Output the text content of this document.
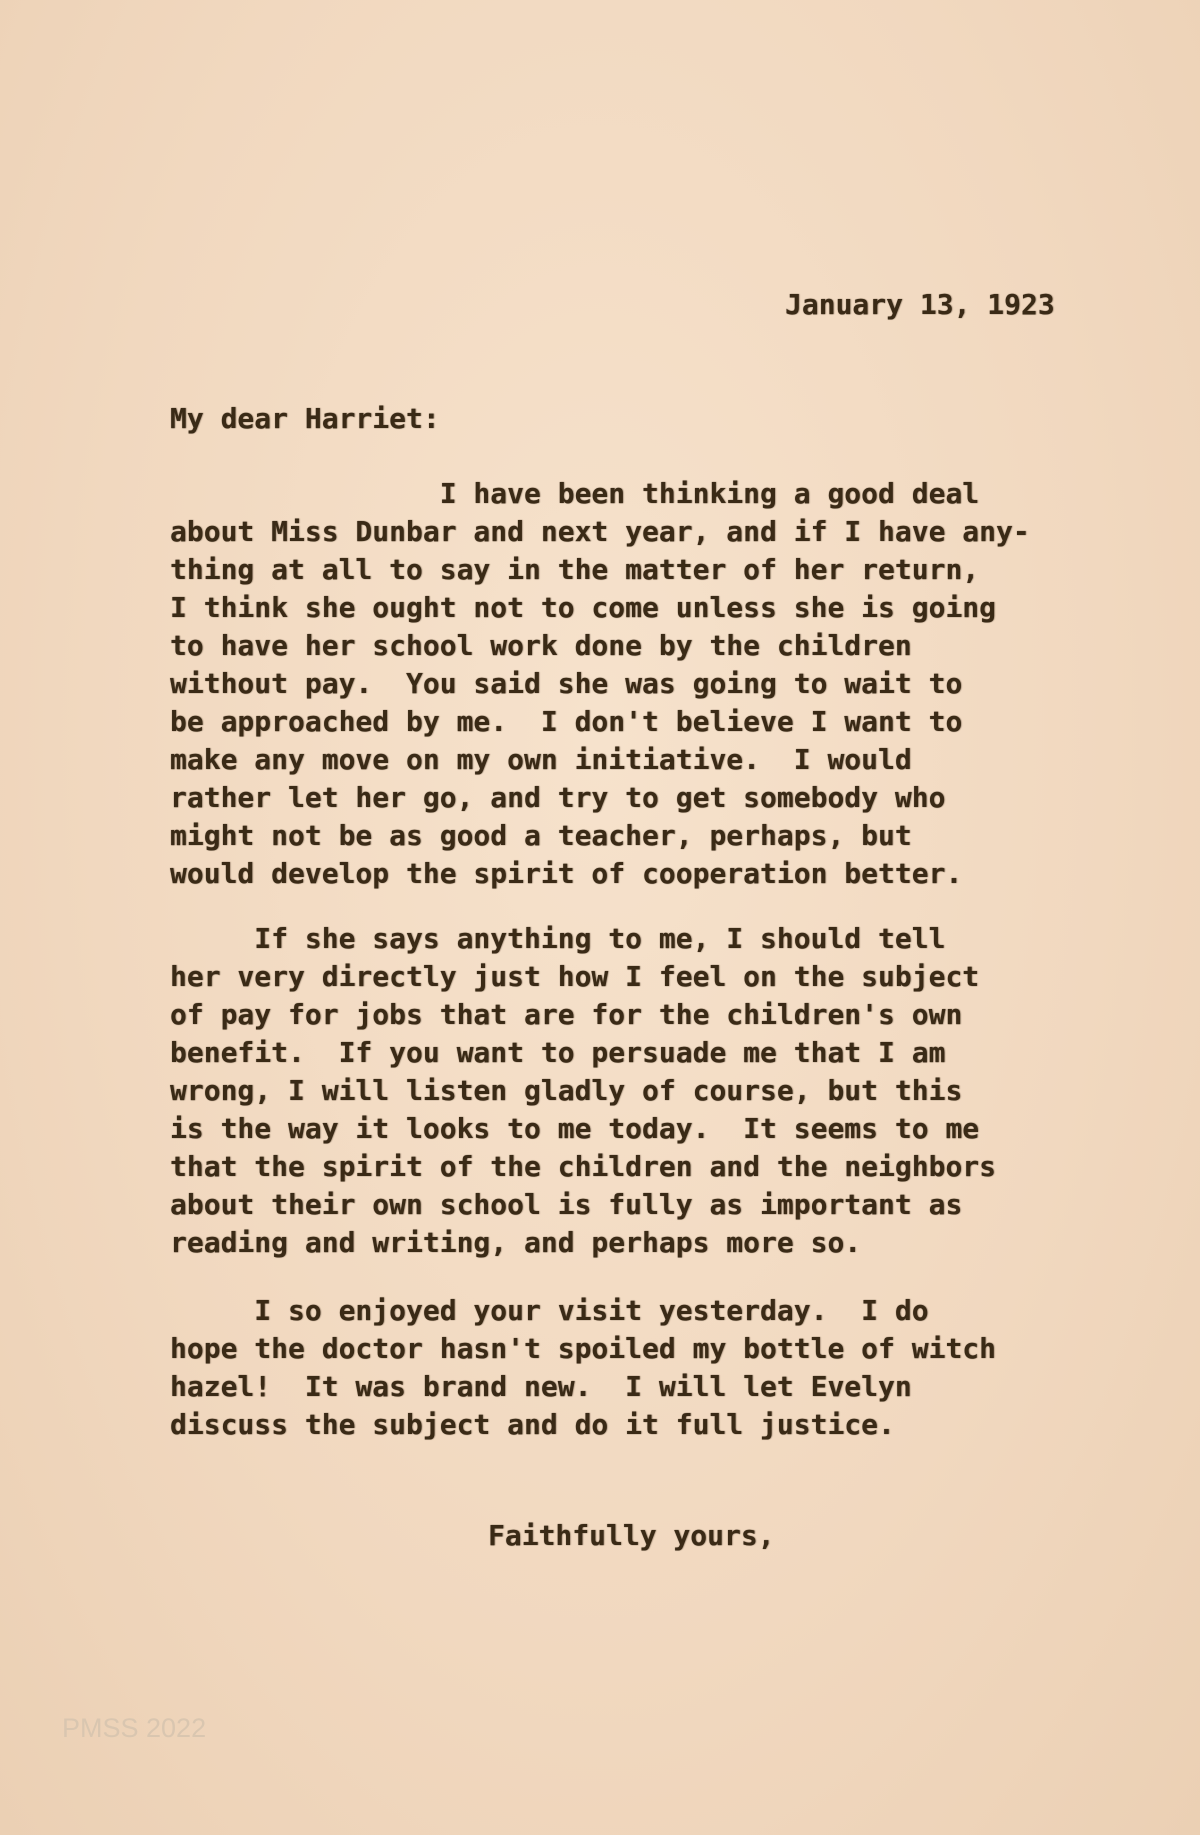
January 13, 1923
My dear Harriet:
I have been thinking a good deal
about Miss Dunbar and next year, and if I have any-
thing at all to say in the matter of her return,
I think she ought not to come unless she is going
to have her school work done by the children
without pay.  You said she was going to wait to
be approached by me.  I don't believe I want to
make any move on my own initiative.  I would
rather let her go, and try to get somebody who
might not be as good a teacher, perhaps, but
would develop the spirit of cooperation better.
If she says anything to me, I should tell
her very directly just how I feel on the subject
of pay for jobs that are for the children's own
benefit.  If you want to persuade me that I am
wrong, I will listen gladly of course, but this
is the way it looks to me today.  It seems to me
that the spirit of the children and the neighbors
about their own school is fully as important as
reading and writing, and perhaps more so.
I so enjoyed your visit yesterday.  I do
hope the doctor hasn't spoiled my bottle of witch
hazel!  It was brand new.  I will let Evelyn
discuss the subject and do it full justice.
Faithfully yours,
PMSS 2022
